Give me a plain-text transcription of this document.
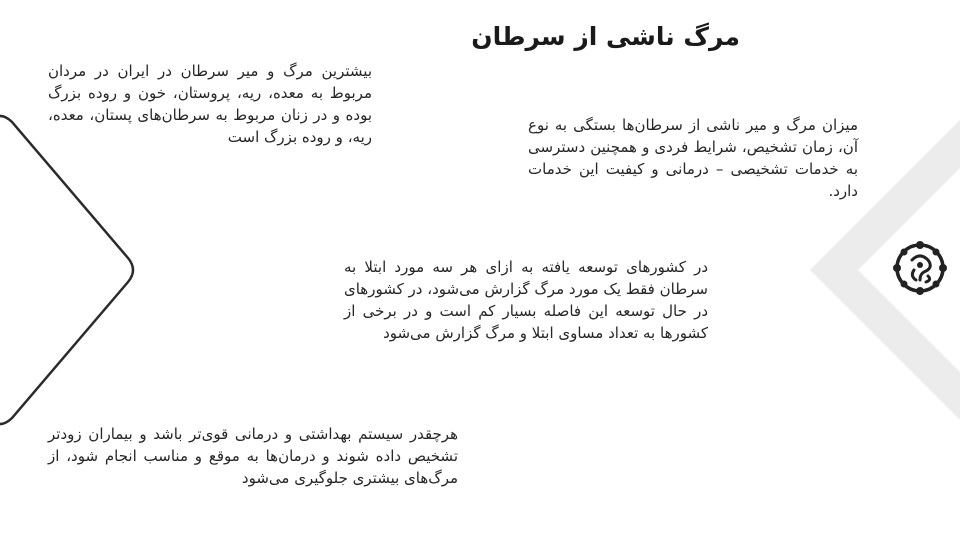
مرگ ناشی از سرطان

بیشترین مرگ و میر سرطان در ایران در مردان مربوط به معده، ریه، پروستان، خون و روده بزرگ بوده و در زنان مربوط به سرطان‌های پستان، معده، ریه، و روده بزرگ است

میزان مرگ و میر ناشی از سرطان‌ها بستگی به نوع آن، زمان تشخیص، شرایط فردی و همچنین دسترسی به خدمات تشخیصی – درمانی و کیفیت این خدمات دارد.

در کشورهای توسعه یافته به ازای هر سه مورد ابتلا به سرطان فقط یک مورد مرگ گزارش می‌شود، در کشورهای در حال توسعه این فاصله بسیار کم است و در برخی از کشورها به تعداد مساوی ابتلا و مرگ گزارش می‌شود

هرچقدر سیستم بهداشتی و درمانی قوی‌تر باشد و بیماران زودتر تشخیص داده شوند و درمان‌ها به موقع و مناسب انجام شود، از مرگ‌های بیشتری جلوگیری می‌شود
